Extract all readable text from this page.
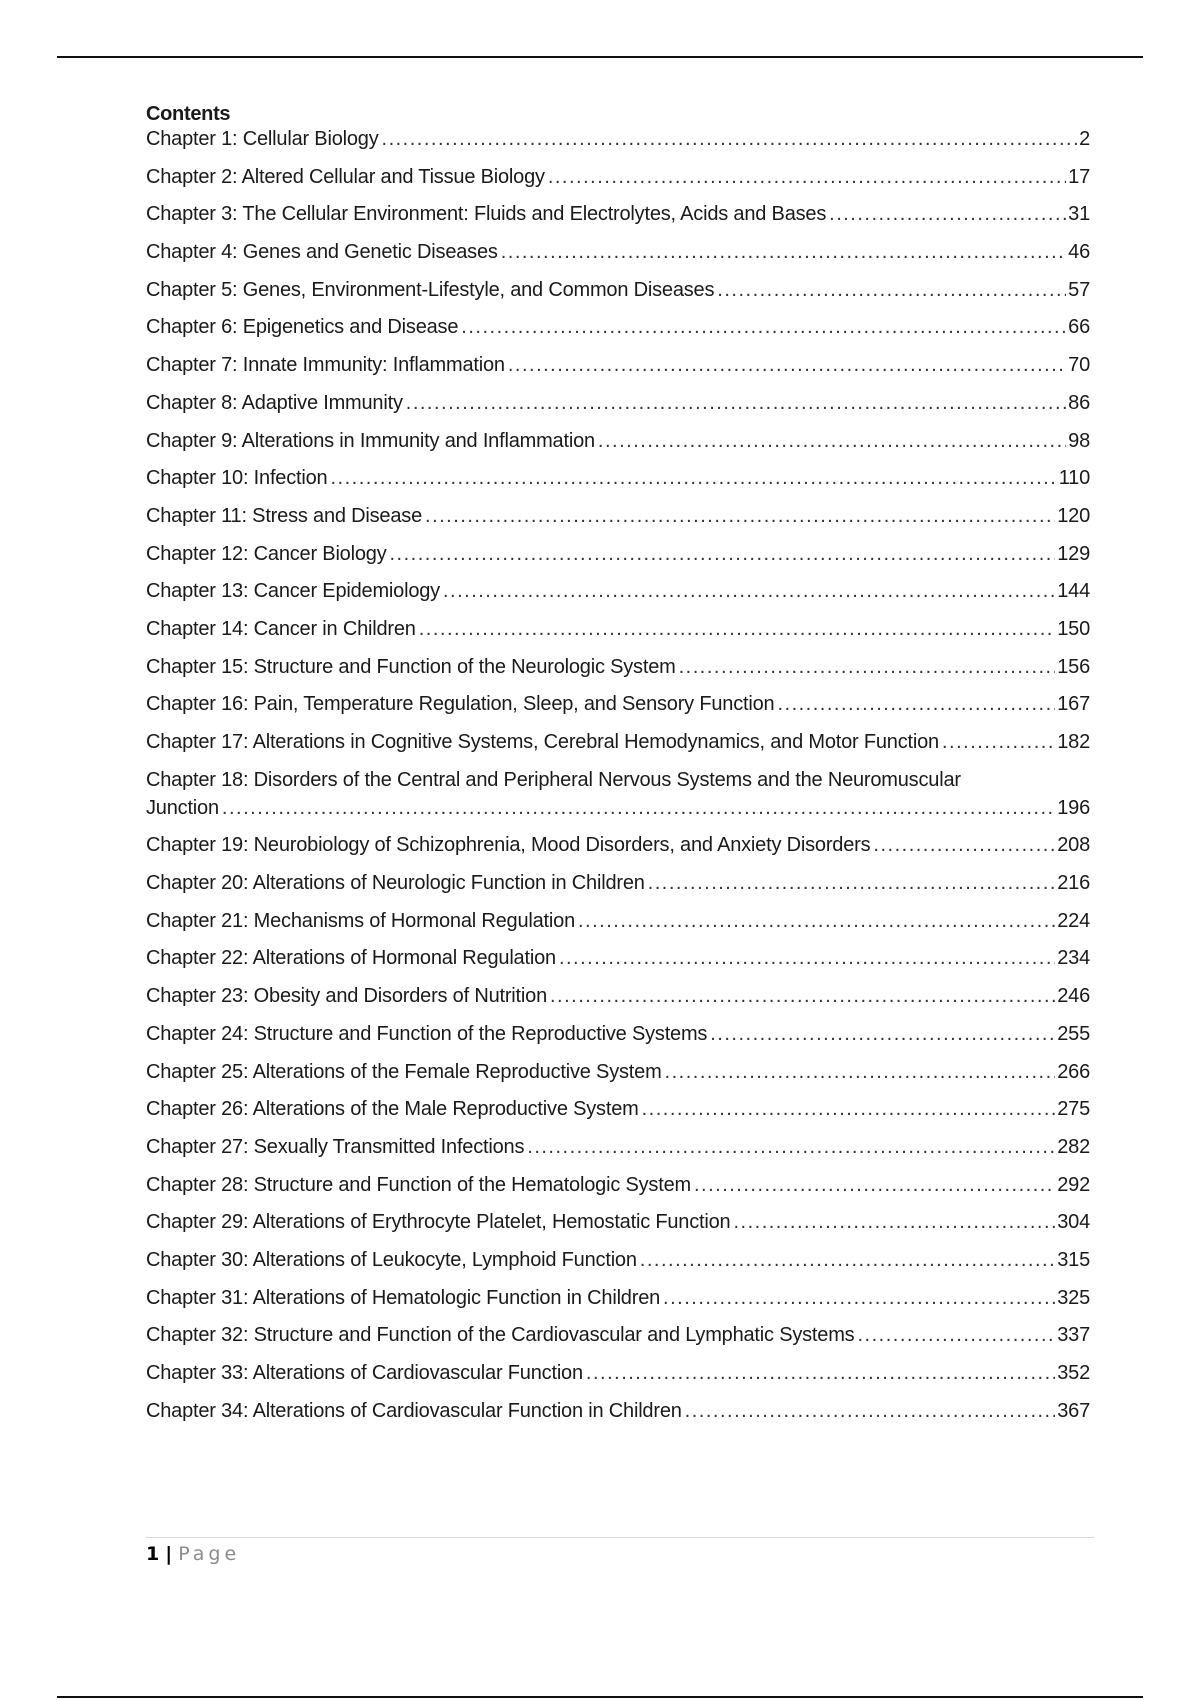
Contents
Chapter 1: Cellular Biology .....	2
Chapter 2: Altered Cellular and Tissue Biology .....	17
Chapter 3: The Cellular Environment: Fluids and Electrolytes, Acids and Bases .....	31
Chapter 4: Genes and Genetic Diseases .....	46
Chapter 5: Genes, Environment-Lifestyle, and Common Diseases .....	57
Chapter 6: Epigenetics and Disease .....	66
Chapter 7: Innate Immunity: Inflammation .....	70
Chapter 8: Adaptive Immunity .....	86
Chapter 9: Alterations in Immunity and Inflammation .....	98
Chapter 10: Infection .....	110
Chapter 11: Stress and Disease .....	120
Chapter 12: Cancer Biology .....	129
Chapter 13: Cancer Epidemiology .....	144
Chapter 14: Cancer in Children .....	150
Chapter 15: Structure and Function of the Neurologic System .....	156
Chapter 16: Pain, Temperature Regulation, Sleep, and Sensory Function .....	167
Chapter 17: Alterations in Cognitive Systems, Cerebral Hemodynamics, and Motor Function .....	182
Chapter 18: Disorders of the Central and Peripheral Nervous Systems and the Neuromuscular
Junction .....	196
Chapter 19: Neurobiology of Schizophrenia, Mood Disorders, and Anxiety Disorders .....	208
Chapter 20: Alterations of Neurologic Function in Children .....	216
Chapter 21: Mechanisms of Hormonal Regulation .....	224
Chapter 22: Alterations of Hormonal Regulation .....	234
Chapter 23: Obesity and Disorders of Nutrition .....	246
Chapter 24: Structure and Function of the Reproductive Systems .....	255
Chapter 25: Alterations of the Female Reproductive System .....	266
Chapter 26: Alterations of the Male Reproductive System .....	275
Chapter 27: Sexually Transmitted Infections .....	282
Chapter 28: Structure and Function of the Hematologic System .....	292
Chapter 29: Alterations of Erythrocyte Platelet, Hemostatic Function .....	304
Chapter 30: Alterations of Leukocyte, Lymphoid Function .....	315
Chapter 31: Alterations of Hematologic Function in Children .....	325
Chapter 32: Structure and Function of the Cardiovascular and Lymphatic Systems .....	337
Chapter 33: Alterations of Cardiovascular Function .....	352
Chapter 34: Alterations of Cardiovascular Function in Children .....	367
1 | Page
